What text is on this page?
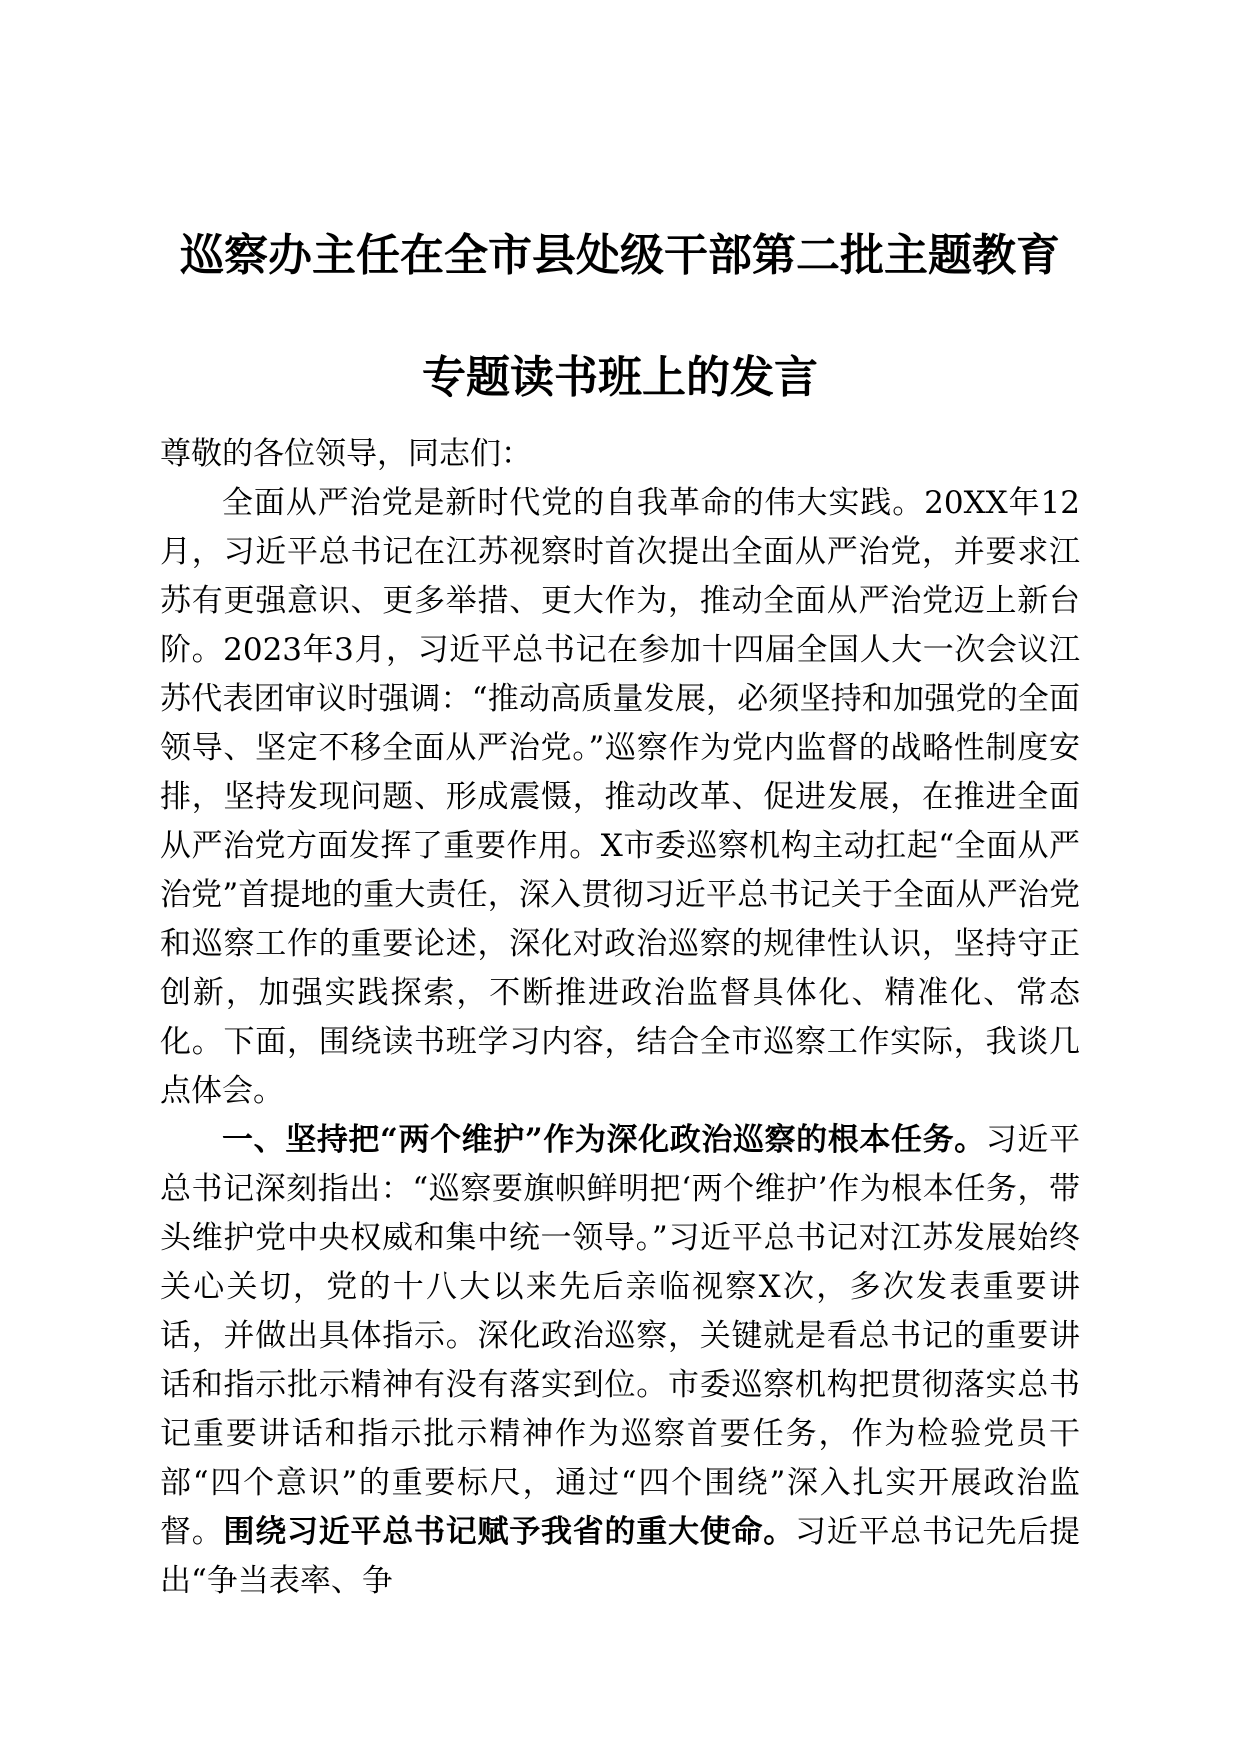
巡察办主任在全市县处级干部第二批主题教育
专题读书班上的发言

尊敬的各位领导，同志们：

全面从严治党是新时代党的自我革命的伟大实践。20XX年12月，习近平总书记在江苏视察时首次提出全面从严治党，并要求江苏有更强意识、更多举措、更大作为，推动全面从严治党迈上新台阶。2023年3月，习近平总书记在参加十四届全国人大一次会议江苏代表团审议时强调：“推动高质量发展，必须坚持和加强党的全面领导、坚定不移全面从严治党。”巡察作为党内监督的战略性制度安排，坚持发现问题、形成震慑，推动改革、促进发展，在推进全面从严治党方面发挥了重要作用。X市委巡察机构主动扛起“全面从严治党”首提地的重大责任，深入贯彻习近平总书记关于全面从严治党和巡察工作的重要论述，深化对政治巡察的规律性认识，坚持守正创新，加强实践探索，不断推进政治监督具体化、精准化、常态化。下面，围绕读书班学习内容，结合全市巡察工作实际，我谈几点体会。

一、坚持把“两个维护”作为深化政治巡察的根本任务。习近平总书记深刻指出：“巡察要旗帜鲜明把‘两个维护’作为根本任务，带头维护党中央权威和集中统一领导。”习近平总书记对江苏发展始终关心关切，党的十八大以来先后亲临视察X次，多次发表重要讲话，并做出具体指示。深化政治巡察，关键就是看总书记的重要讲话和指示批示精神有没有落实到位。市委巡察机构把贯彻落实总书记重要讲话和指示批示精神作为巡察首要任务，作为检验党员干部“四个意识”的重要标尺，通过“四个围绕”深入扎实开展政治监督。围绕习近平总书记赋予我省的重大使命。习近平总书记先后提出“争当表率、争
